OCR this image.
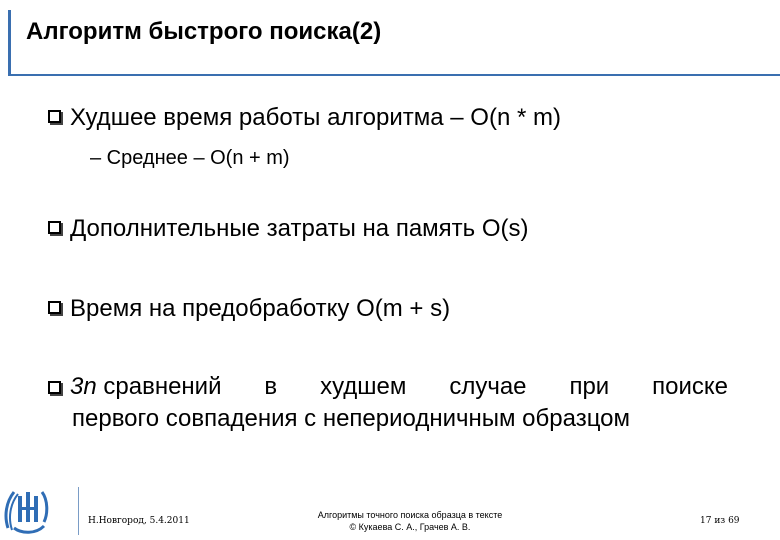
Алгоритм быстрого поиска(2)
Худшее время работы алгоритма – O(n * m)
– Среднее – O(n + m)
Дополнительные затраты на память O(s)
Время на предобработку O(m + s)
3n
сравнений в худшем случае при поиске
первого совпадения с непериодничным образцом
Н.Новгород, 5.4.2011
Алгоритмы точного поиска образца в тексте
© Кукаева С. А., Грачев А. В.
17 из 69
